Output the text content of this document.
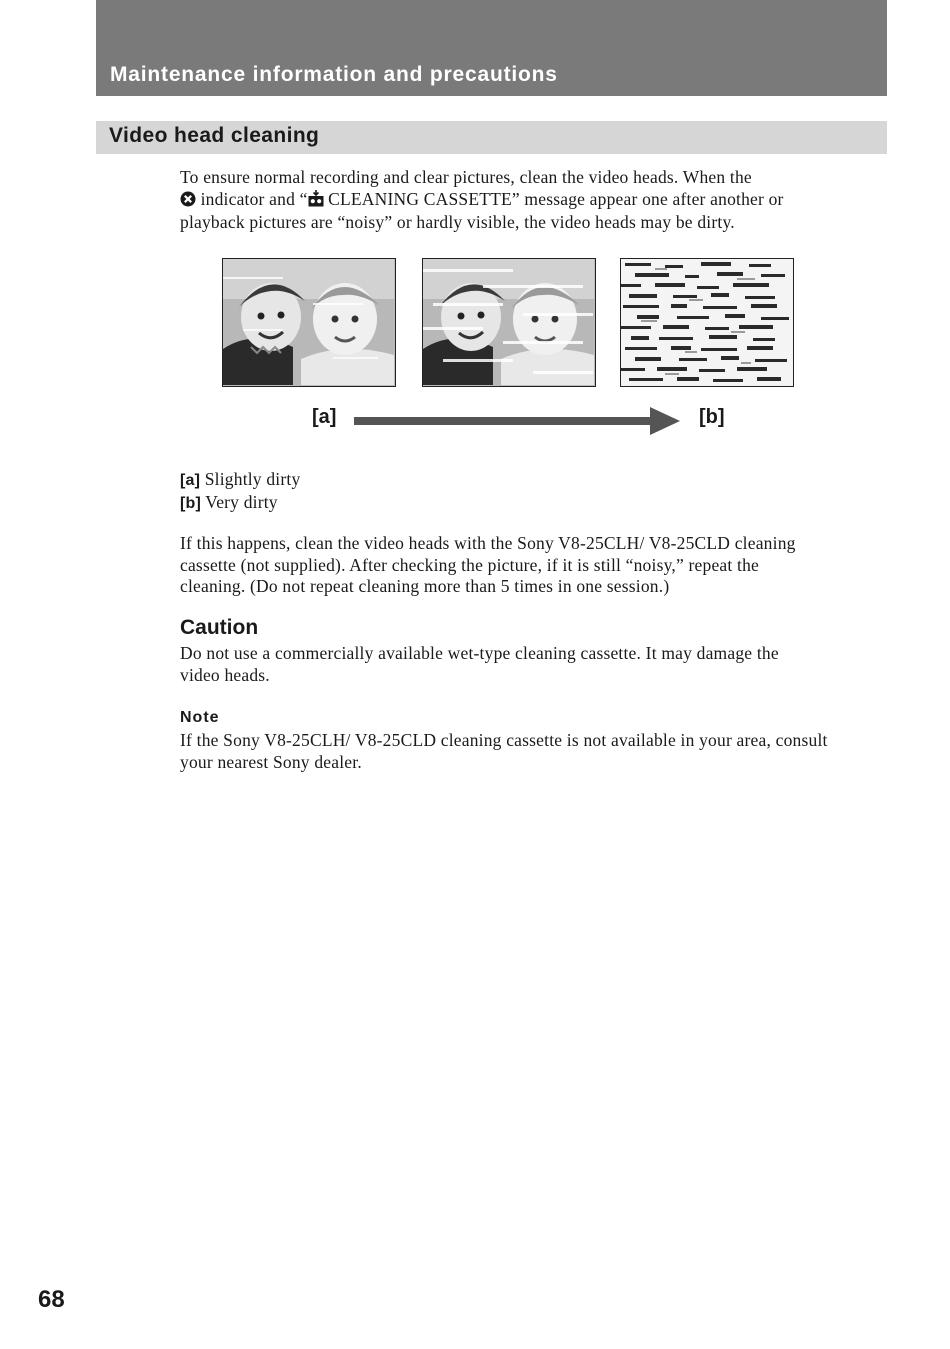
Maintenance information and precautions
Video head cleaning
To ensure normal recording and clear pictures, clean the video heads. When the
indicator and “ CLEANING CASSETTE” message appear one after another or
playback pictures are “noisy” or hardly visible, the video heads may be dirty.
[a]	[b]
[a] Slightly dirty
[b] Very dirty
If this happens, clean the video heads with the Sony V8-25CLH/ V8-25CLD cleaning
cassette (not supplied). After checking the picture, if it is still “noisy,” repeat the
cleaning. (Do not repeat cleaning more than 5 times in one session.)
Caution
Do not use a commercially available wet-type cleaning cassette. It may damage the
video heads.
Note
If the Sony V8-25CLH/ V8-25CLD cleaning cassette is not available in your area, consult
your nearest Sony dealer.
68
